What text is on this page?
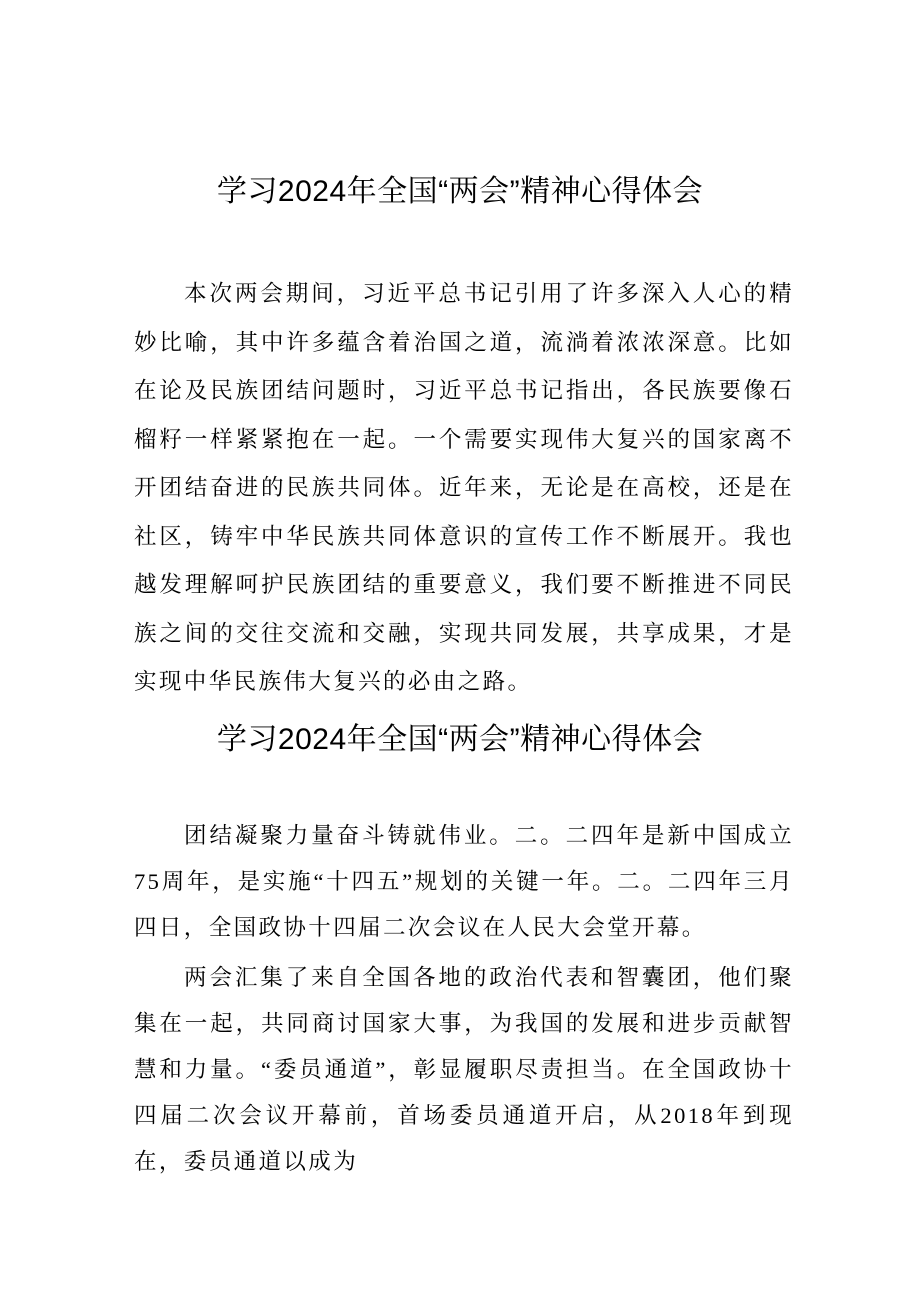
学习2024年全国“两会”精神心得体会

本次两会期间，习近平总书记引用了许多深入人心的精妙比喻，其中许多蕴含着治国之道，流淌着浓浓深意。比如在论及民族团结问题时，习近平总书记指出，各民族要像石榴籽一样紧紧抱在一起。一个需要实现伟大复兴的国家离不开团结奋进的民族共同体。近年来，无论是在高校，还是在社区，铸牢中华民族共同体意识的宣传工作不断展开。我也越发理解呵护民族团结的重要意义，我们要不断推进不同民族之间的交往交流和交融，实现共同发展，共享成果，才是实现中华民族伟大复兴的必由之路。

学习2024年全国“两会”精神心得体会

团结凝聚力量奋斗铸就伟业。二。二四年是新中国成立75周年，是实施“十四五”规划的关键一年。二。二四年三月四日，全国政协十四届二次会议在人民大会堂开幕。

两会汇集了来自全国各地的政治代表和智囊团，他们聚集在一起，共同商讨国家大事，为我国的发展和进步贡献智慧和力量。“委员通道”，彰显履职尽责担当。在全国政协十四届二次会议开幕前，首场委员通道开启，从2018年到现在，委员通道以成为
